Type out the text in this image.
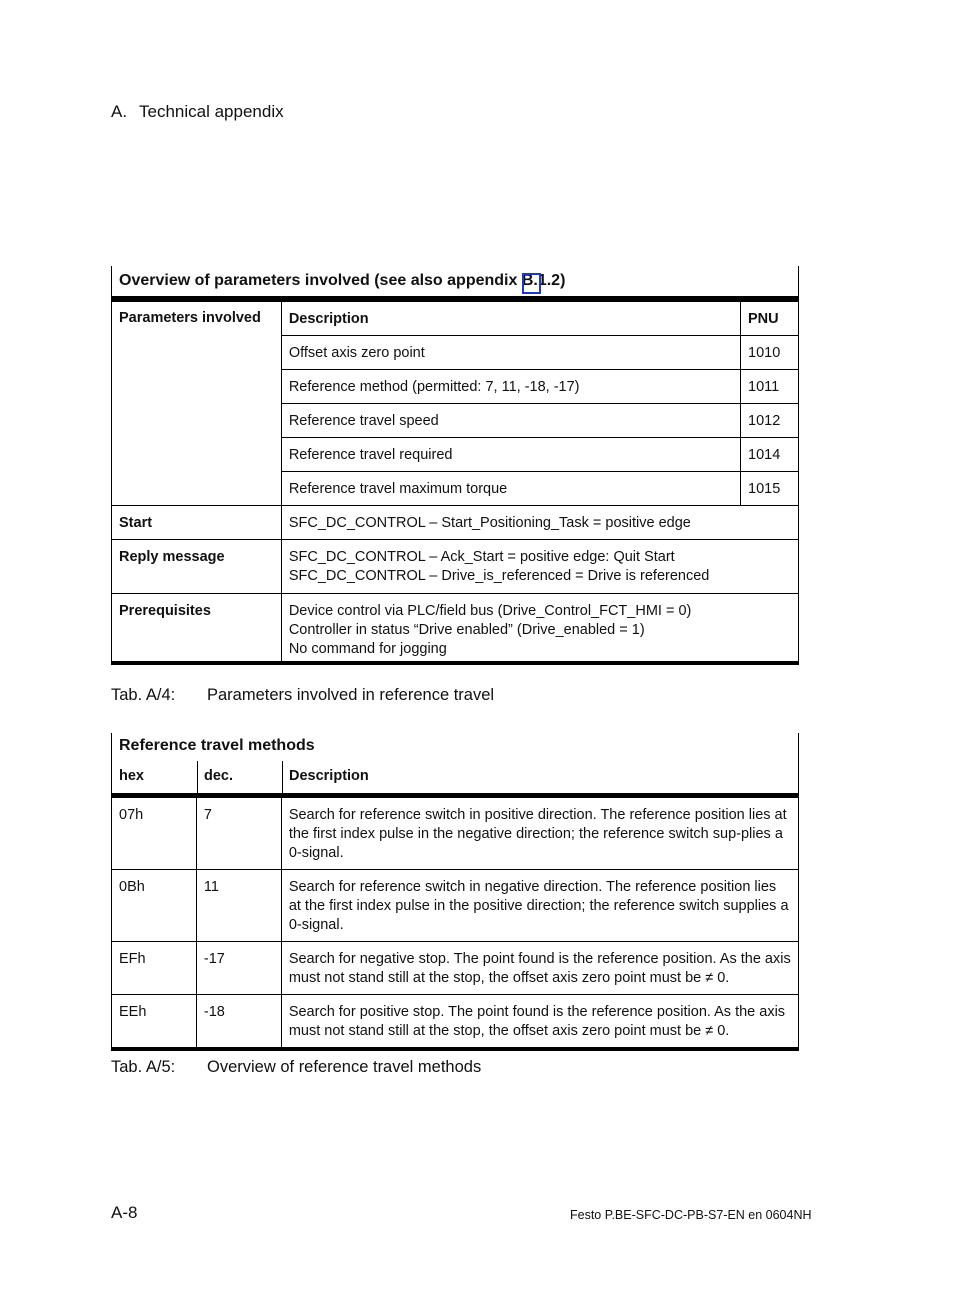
A. Technical appendix
Overview of parameters involved (see also appendix B.1.2)
Parameters involved	Description	PNU
	Offset axis zero point	1010
	Reference method (permitted: 7, 11, -18, -17)	1011
	Reference travel speed	1012
	Reference travel required	1014
	Reference travel maximum torque	1015
Start	SFC_DC_CONTROL – Start_Positioning_Task = positive edge	
Reply message	SFC_DC_CONTROL – Ack_Start = positive edge: Quit Start
SFC_DC_CONTROL – Drive_is_referenced = Drive is referenced	

Prerequisites	Device control via PLC/field bus (Drive_Control_FCT_HMI = 0)
Controller in status “Drive enabled” (Drive_enabled = 1)
No command for jogging	
Tab. A/4: Parameters involved in reference travel
Reference travel methods
hex	dec.	Description
07h	7	Search for reference switch in positive direction. The reference position lies at the first index pulse in the negative direction; the reference switch sup-plies a 0-signal.
0Bh	11	Search for reference switch in negative direction. The reference position lies at the first index pulse in the positive direction; the reference switch supplies a 0-signal.
EFh	-17	Search for negative stop. The point found is the reference position. As the axis must not stand still at the stop, the offset axis zero point must be ≠ 0.
EEh	-18	Search for positive stop. The point found is the reference position. As the axis must not stand still at the stop, the offset axis zero point must be ≠ 0.
Tab. A/5: Overview of reference travel methods
A-8	Festo P.BE-SFC-DC-PB-S7-EN en 0604NH
